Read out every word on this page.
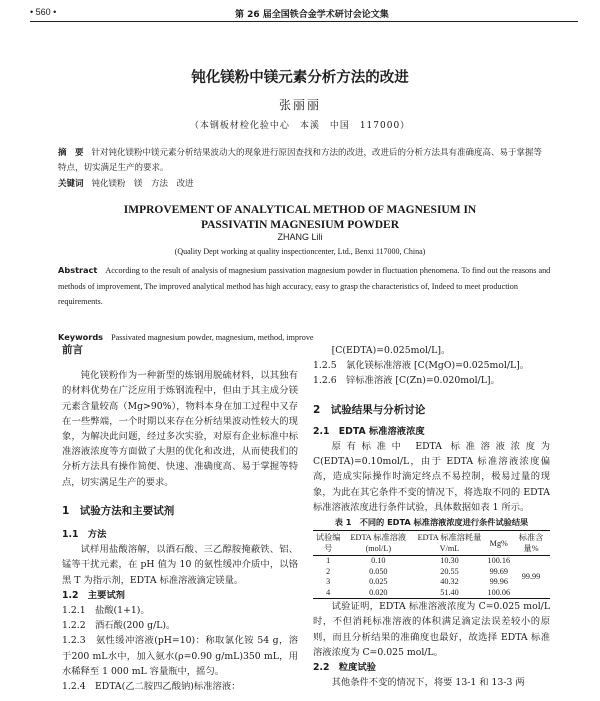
• 560 •	第 26 届全国铁合金学术研讨会论文集
钝化镁粉中镁元素分析方法的改进
张丽丽
（本钢板材检化验中心　本溪　中国　117000）
摘　要 针对钝化镁粉中镁元素分析结果波动大的现象进行原因查找和方法的改进，改进后的分析方法具有准确度高、易于掌握等特点，切实满足生产的要求。
关键词 钝化镁粉　镁　方法　改进
IMPROVEMENT OF ANALYTICAL METHOD OF MAGNESIUM IN
PASSIVATIN MAGNESIUM POWDER
ZHANG Lili
(Quality Dept working at quality inspectioncenter, Ltd., Benxi 117000, China)
Abstract According to the result of analysis of magnesium passivation magnesium powder in fluctuation phenomena. To find out the reasons and methods of improvement, The improved analytical method has high accuracy, easy to grasp the characteristics of, Indeed to meet production requirements.
Keywords Passivated magnesium powder, magnesium, method, improve
前言

钝化镁粉作为一种新型的炼钢用脱硫材料，以其独有的材料优势在广泛应用于炼钢流程中，但由于其主成分镁元素含量较高（Mg>90%），物料本身在加工过程中又存在一些弊端，一个时期以来存在分析结果波动性较大的现象，为解决此问题，经过多次实验，对原有企业标准中标准溶液浓度等方面做了大胆的优化和改进，从而使我们的分析方法具有操作简便、快速、准确度高、易于掌握等特点，切实满足生产的要求。

1　试验方法和主要试剂
1.1　方法

试样用盐酸溶解，以酒石酸、三乙醇胺掩蔽铁、铝、锰等干扰元素，在 pH 值为 10 的氨性缓冲介质中，以铬黑 T 为指示剂，EDTA 标准溶液滴定镁量。

1.2　主要试剂

1.2.1　盐酸(1+1)。

1.2.2　酒石酸(200 g/L)。

1.2.3　氨性缓冲溶液(pH=10)：称取氯化铵 54 g，溶于200 mL水中，加入氨水(ρ=0.90 g/mL)350 mL，用水稀释至 1 000 mL 容量瓶中，摇匀。

1.2.4　EDTA(乙二胺四乙酸钠)标准溶液：

[C(EDTA)=0.025mol/L]。

1.2.5　氯化镁标准溶液 [C(MgO)=0.025mol/L]。

1.2.6　锌标准溶液 [C(Zn)=0.020mol/L]。

2　试验结果与分析讨论
2.1　EDTA 标准溶液浓度

原有标准中 EDTA 标准溶液浓度为 C(EDTA)=0.10mol/L，由于 EDTA 标准溶液浓度偏高，造成实际操作时滴定终点不易控制，极易过量的现象，为此在其它条件不变的情况下，将选取不同的 EDTA 标准溶液浓度进行条件试验，具体数据如表 1 所示。

表 1　不同的 EDTA 标准溶液浓度进行条件试验结果
试验编号	EDTA 标准溶液(mol/L)	EDTA 标准溶耗量 V/mL	Mg%	标准含量%
1	0.10	10.30	100.16	99.99
2	0.050	20.55	99.69	
3	0.025	40.32	99.96	
4	0.020	51.40	100.06	

试验证明，EDTA 标准溶液浓度为 C=0.025 mol/L 时，不但消耗标准溶液的体积满足滴定法误差较小的原则，而且分析结果的准确度也最好，故选择 EDTA 标准溶液浓度为 C=0.025 mol/L。

2.2　粒度试验

其他条件不变的情况下，将要 13-1 和 13-3 两
